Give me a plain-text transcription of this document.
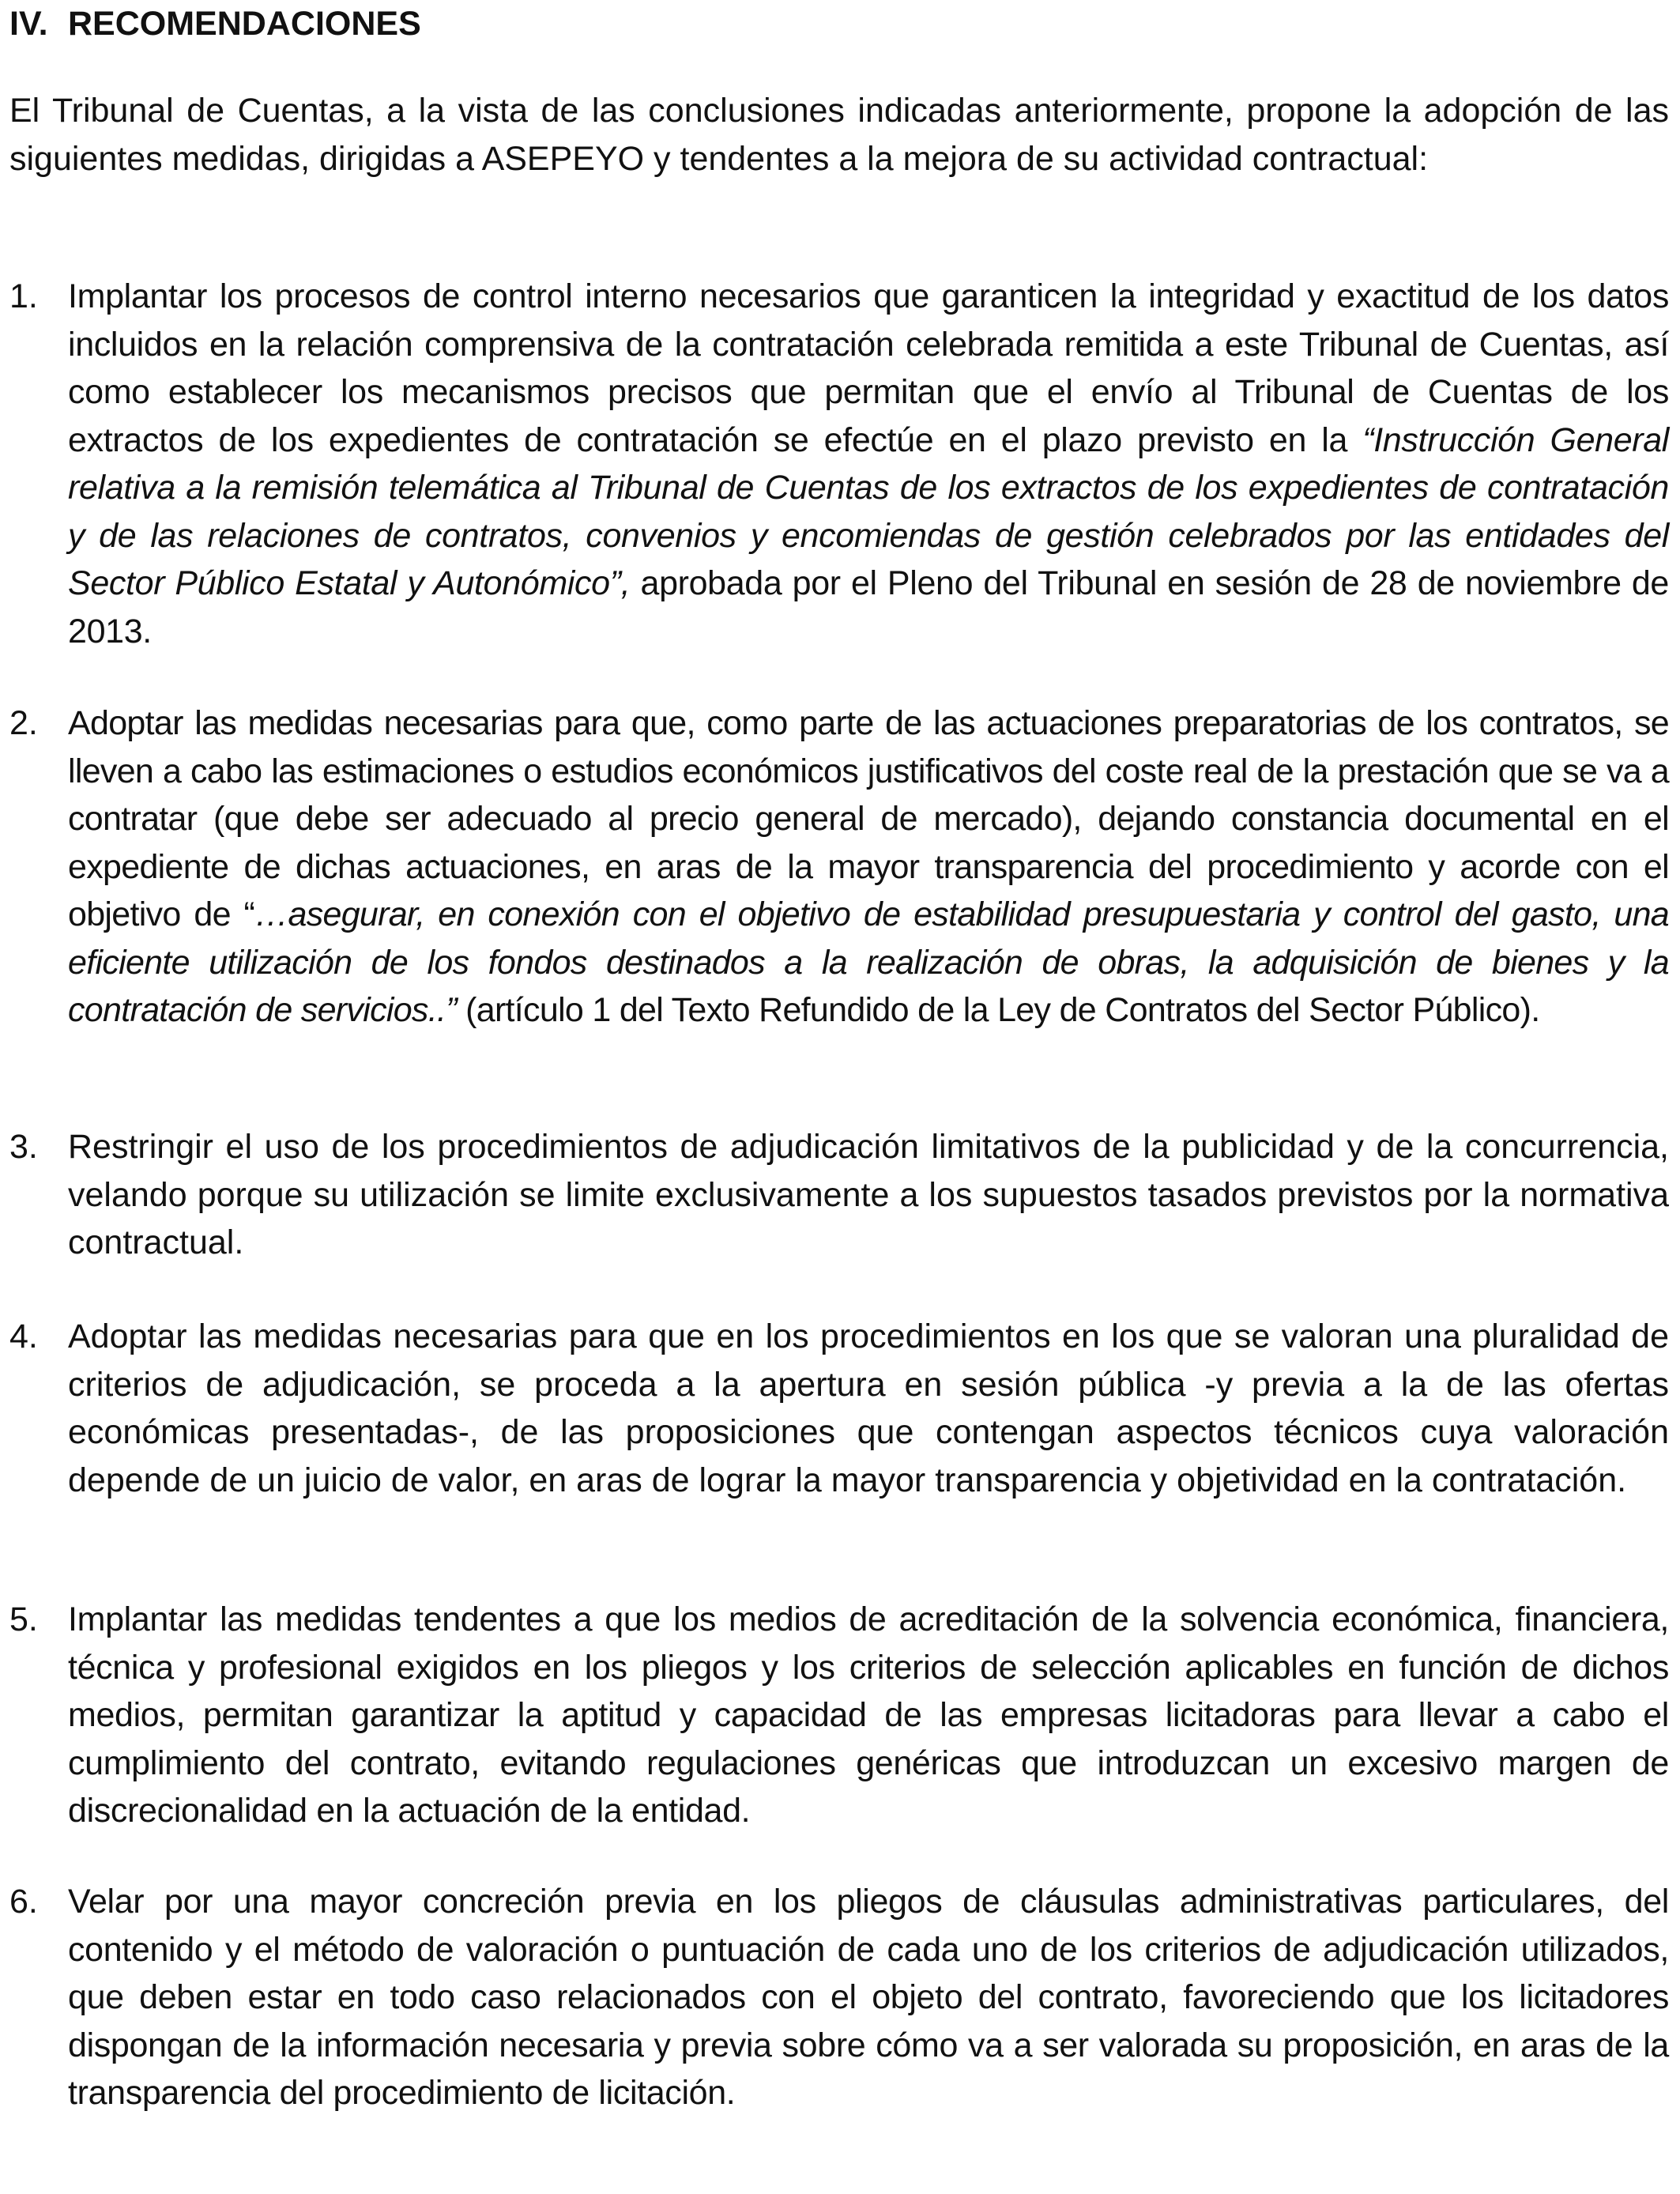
IV. RECOMENDACIONES

El Tribunal de Cuentas, a la vista de las conclusiones indicadas anteriormente, propone la adopción de las siguientes medidas, dirigidas a ASEPEYO y tendentes a la mejora de su actividad contractual:

1. Implantar los procesos de control interno necesarios que garanticen la integridad y exactitud de los datos incluidos en la relación comprensiva de la contratación celebrada remitida a este Tribunal de Cuentas, así como establecer los mecanismos precisos que permitan que el envío al Tribunal de Cuentas de los extractos de los expedientes de contratación se efectúe en el plazo previsto en la “Instrucción General relativa a la remisión telemática al Tribunal de Cuentas de los extractos de los expedientes de contratación y de las relaciones de contratos, convenios y encomiendas de gestión celebrados por las entidades del Sector Público Estatal y Autonómico”, aprobada por el Pleno del Tribunal en sesión de 28 de noviembre de 2013.
2. Adoptar las medidas necesarias para que, como parte de las actuaciones preparatorias de los contratos, se lleven a cabo las estimaciones o estudios económicos justificativos del coste real de la prestación que se va a contratar (que debe ser adecuado al precio general de mercado), dejando constancia documental en el expediente de dichas actuaciones, en aras de la mayor transparencia del procedimiento y acorde con el objetivo de “…asegurar, en conexión con el objetivo de estabilidad presupuestaria y control del gasto, una eficiente utilización de los fondos destinados a la realización de obras, la adquisición de bienes y la contratación de servicios..” (artículo 1 del Texto Refundido de la Ley de Contratos del Sector Público).
3. Restringir el uso de los procedimientos de adjudicación limitativos de la publicidad y de la concurrencia, velando porque su utilización se limite exclusivamente a los supuestos tasados previstos por la normativa contractual.
4. Adoptar las medidas necesarias para que en los procedimientos en los que se valoran una pluralidad de criterios de adjudicación, se proceda a la apertura en sesión pública -y previa a la de las ofertas económicas presentadas-, de las proposiciones que contengan aspectos técnicos cuya valoración depende de un juicio de valor, en aras de lograr la mayor transparencia y objetividad en la contratación.
5. Implantar las medidas tendentes a que los medios de acreditación de la solvencia económica, financiera, técnica y profesional exigidos en los pliegos y los criterios de selección aplicables en función de dichos medios, permitan garantizar la aptitud y capacidad de las empresas licitadoras para llevar a cabo el cumplimiento del contrato, evitando regulaciones genéricas que introduzcan un excesivo margen de discrecionalidad en la actuación de la entidad.
6. Velar por una mayor concreción previa en los pliegos de cláusulas administrativas particulares, del contenido y el método de valoración o puntuación de cada uno de los criterios de adjudicación utilizados, que deben estar en todo caso relacionados con el objeto del contrato, favoreciendo que los licitadores dispongan de la información necesaria y previa sobre cómo va a ser valorada su proposición, en aras de la transparencia del procedimiento de licitación.
